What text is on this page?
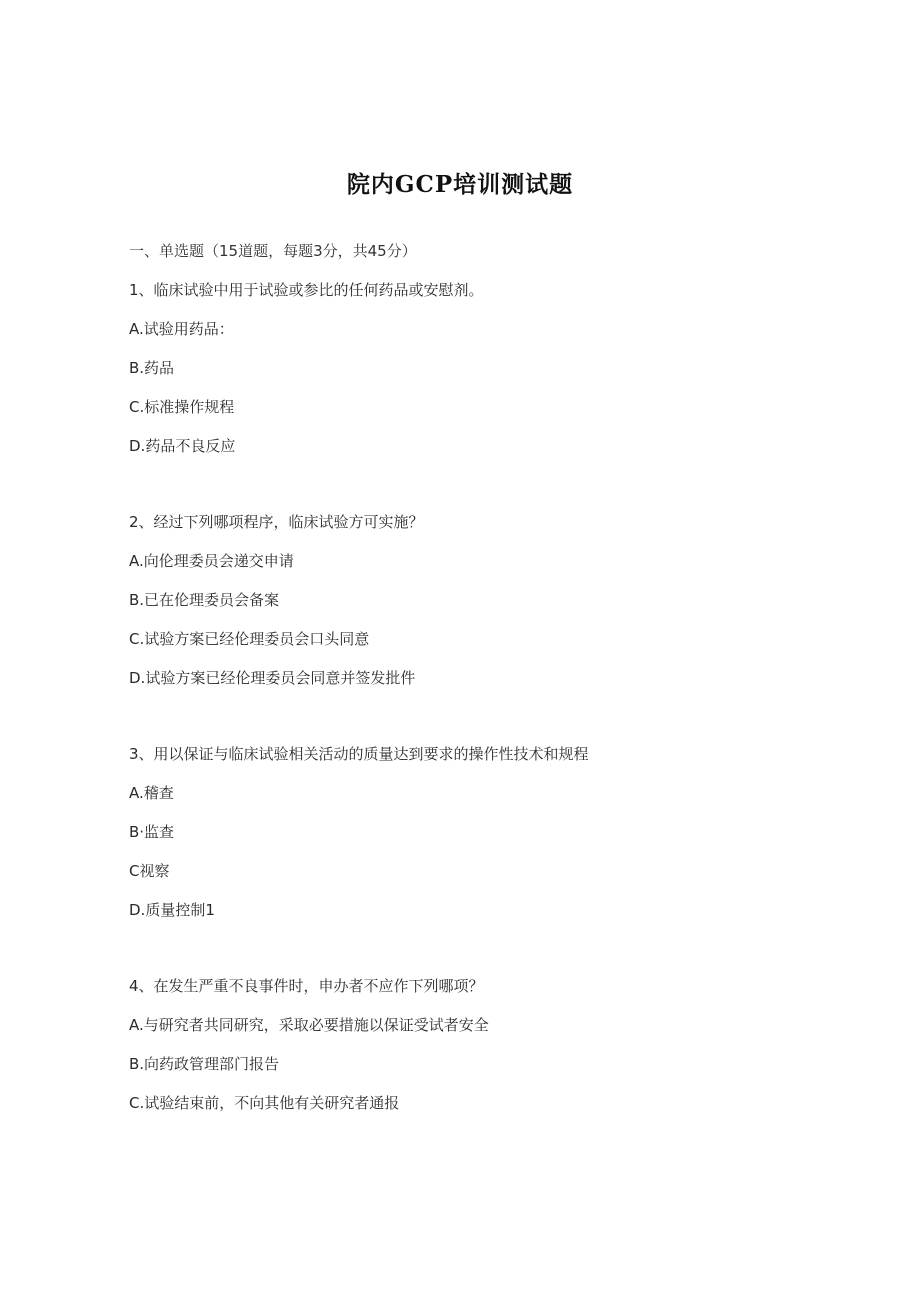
院内GCP培训测试题
一、单选题（15道题，每题3分，共45分）
1、临床试验中用于试验或参比的任何药品或安慰剂。
A.试验用药品：
B.药品
C.标准操作规程
D.药品不良反应
2、经过下列哪项程序，临床试验方可实施？
A.向伦理委员会递交申请
B.已在伦理委员会备案
C.试验方案已经伦理委员会口头同意
D.试验方案已经伦理委员会同意并签发批件
3、用以保证与临床试验相关活动的质量达到要求的操作性技术和规程
A.稽查
B·监查
C视察
D.质量控制1
4、在发生严重不良事件时，申办者不应作下列哪项？
A.与研究者共同研究，采取必要措施以保证受试者安全
B.向药政管理部门报告
C.试验结束前，不向其他有关研究者通报
